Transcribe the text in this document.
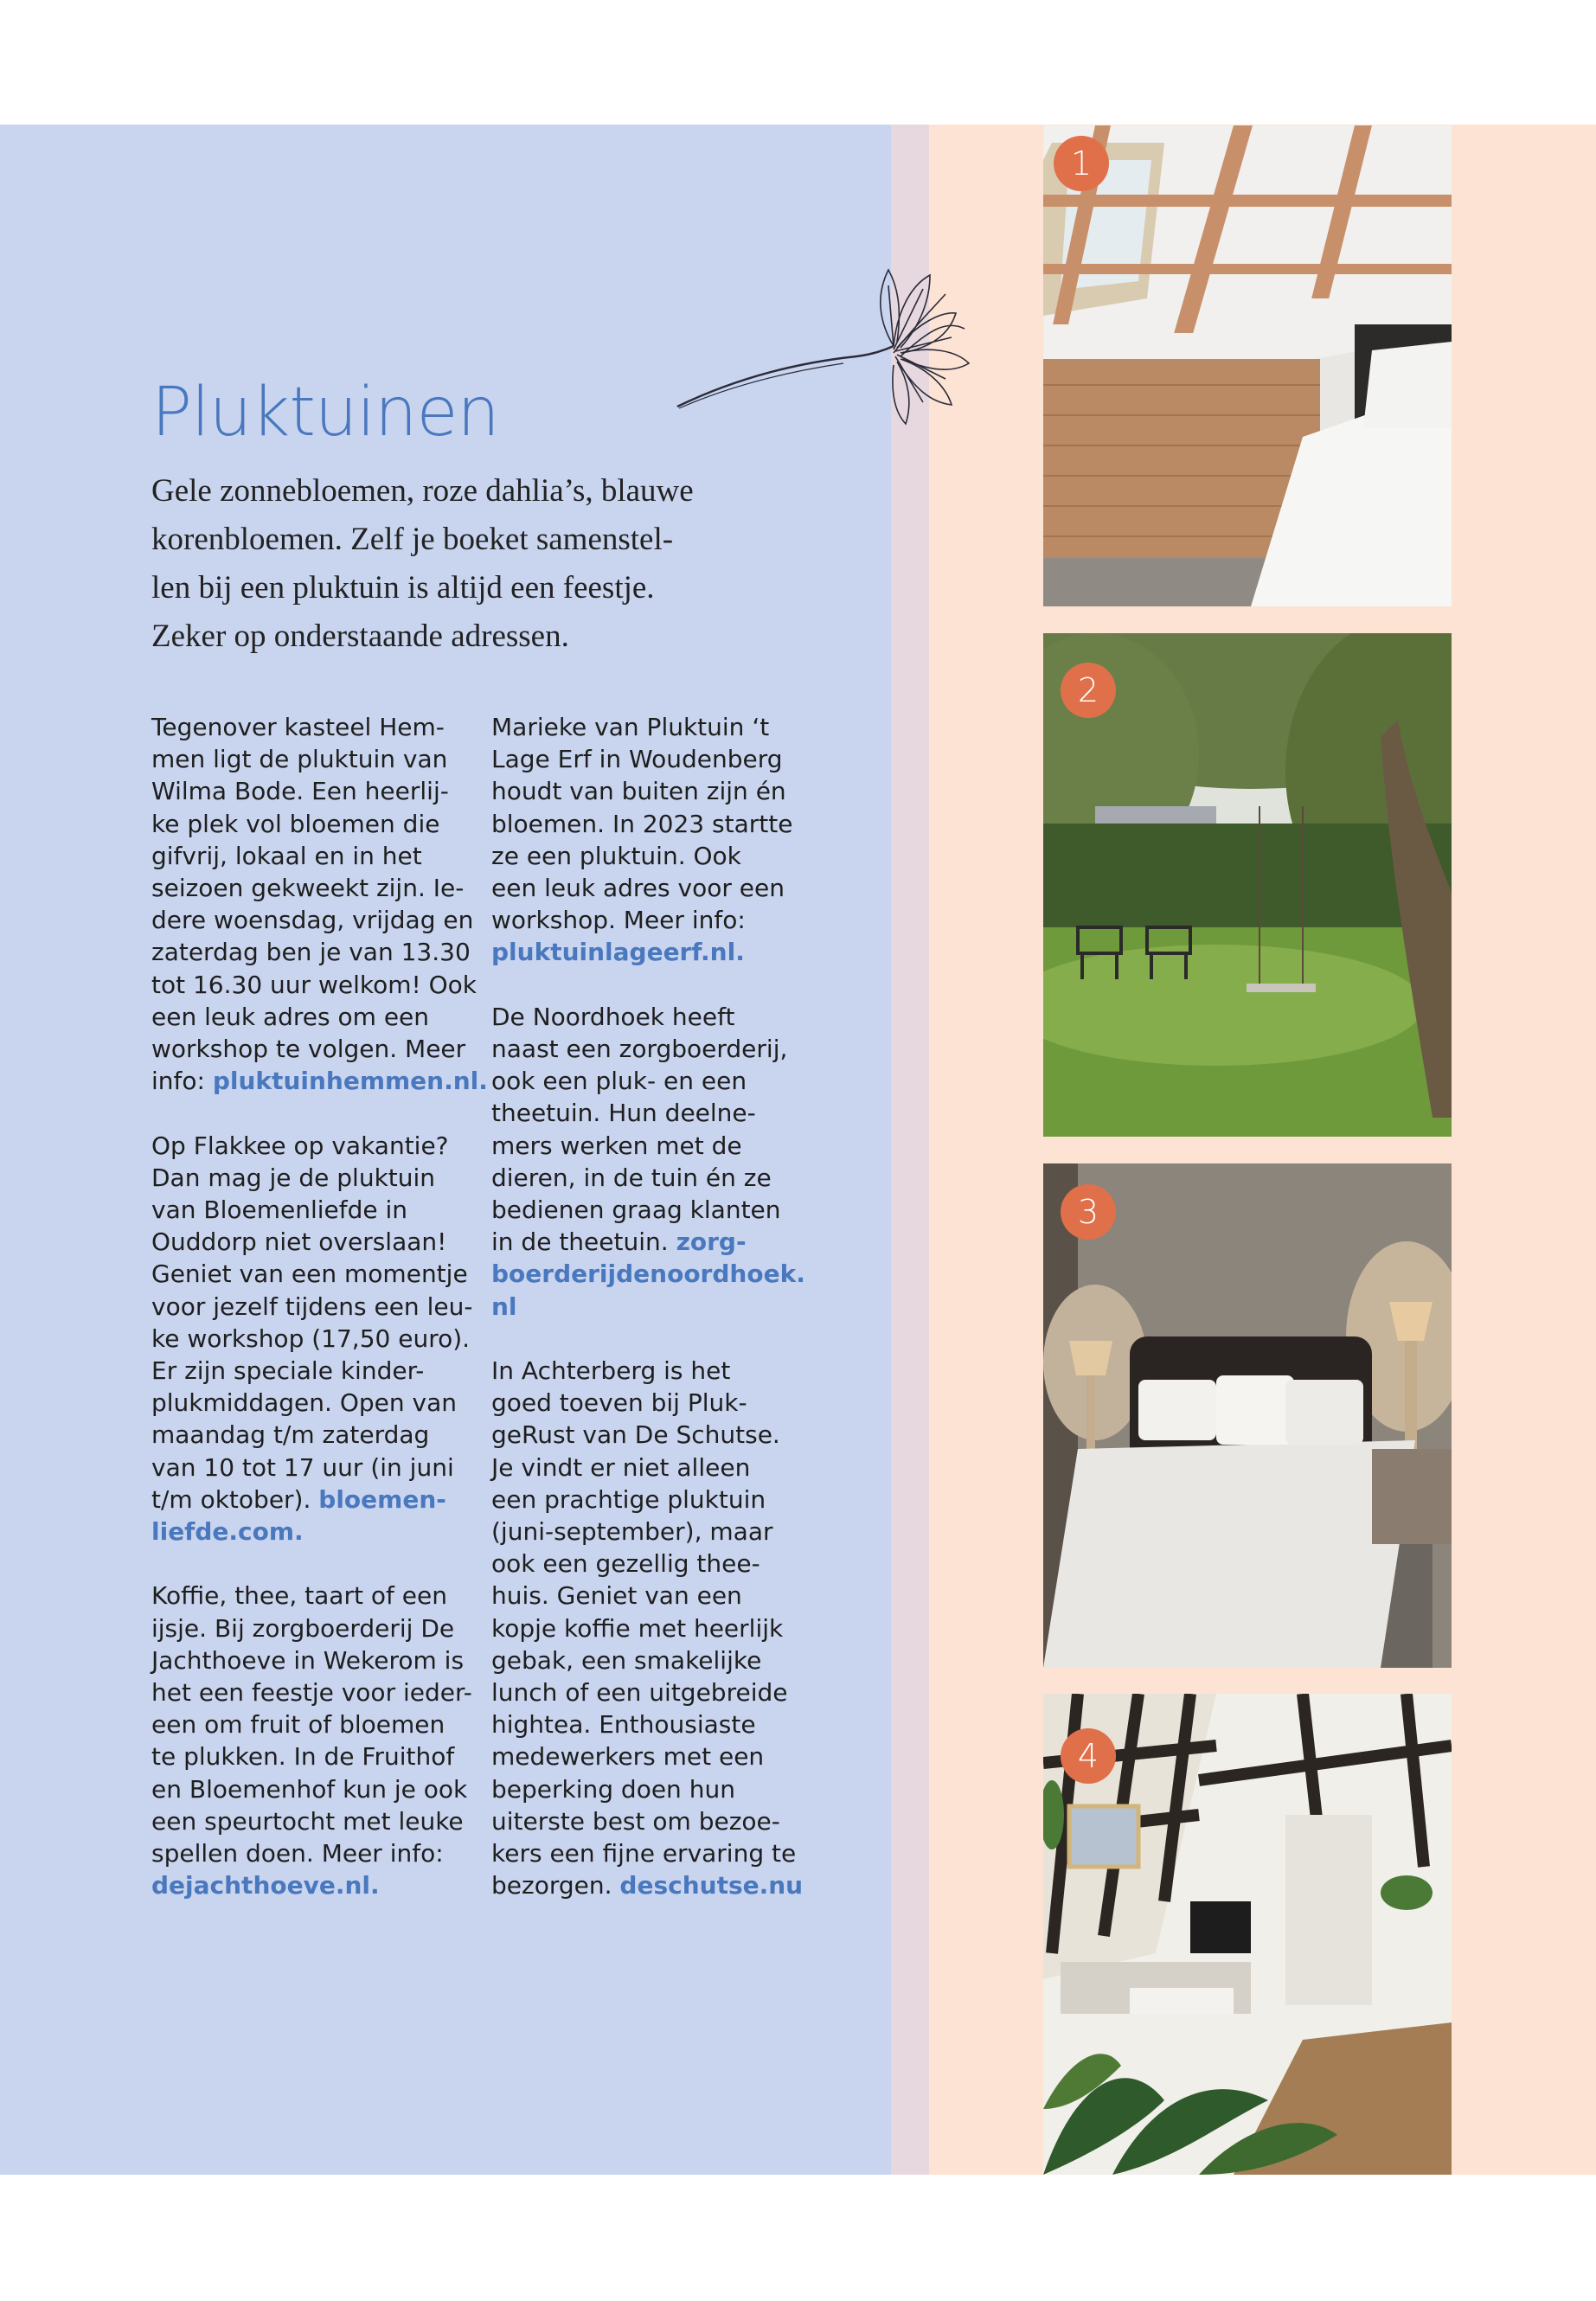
Pluktuinen
Gele zonnebloemen, roze dahlia’s, blauwe
korenbloemen. Zelf je boeket samenstel-
len bij een pluktuin is altijd een feestje.
Zeker op onderstaande adressen.

Tegenover kasteel Hem-
men ligt de pluktuin van
Wilma Bode. Een heerlij-
ke plek vol bloemen die
gifvrij, lokaal en in het
seizoen gekweekt zijn. Ie-
dere woensdag, vrijdag en
zaterdag ben je van 13.30
tot 16.30 uur welkom! Ook
een leuk adres om een
workshop te volgen. Meer
info: pluktuinhemmen.nl.

Op Flakkee op vakantie?
Dan mag je de pluktuin
van Bloemenliefde in
Ouddorp niet overslaan!
Geniet van een momentje
voor jezelf tijdens een leu-
ke workshop (17,50 euro).
Er zijn speciale kinder-
plukmiddagen. Open van
maandag t/m zaterdag
van 10 tot 17 uur (in juni
t/m oktober). bloemen-
liefde.com.

Koffie, thee, taart of een
ijsje. Bij zorgboerderij De
Jachthoeve in Wekerom is
het een feestje voor ieder-
een om fruit of bloemen
te plukken. In de Fruithof
en Bloemenhof kun je ook
een speurtocht met leuke
spellen doen. Meer info:
dejachthoeve.nl.

Marieke van Pluktuin ‘t
Lage Erf in Woudenberg
houdt van buiten zijn én
bloemen. In 2023 startte
ze een pluktuin. Ook
een leuk adres voor een
workshop. Meer info:
pluktuinlageerf.nl.

De Noordhoek heeft
naast een zorgboerderij,
ook een pluk- en een
theetuin. Hun deelne-
mers werken met de
dieren, in de tuin én ze
bedienen graag klanten
in de theetuin. zorg-
boerderijdenoordhoek.
nl

In Achterberg is het
goed toeven bij Pluk-
geRust van De Schutse.
Je vindt er niet alleen
een prachtige pluktuin
(juni-september), maar
ook een gezellig thee-
huis. Geniet van een
kopje koffie met heerlijk
gebak, een smakelijke
lunch of een uitgebreide
hightea. Enthousiaste
medewerkers met een
beperking doen hun
uiterste best om bezoe-
kers een fijne ervaring te
bezorgen. deschutse.nu

1
2
3
4
